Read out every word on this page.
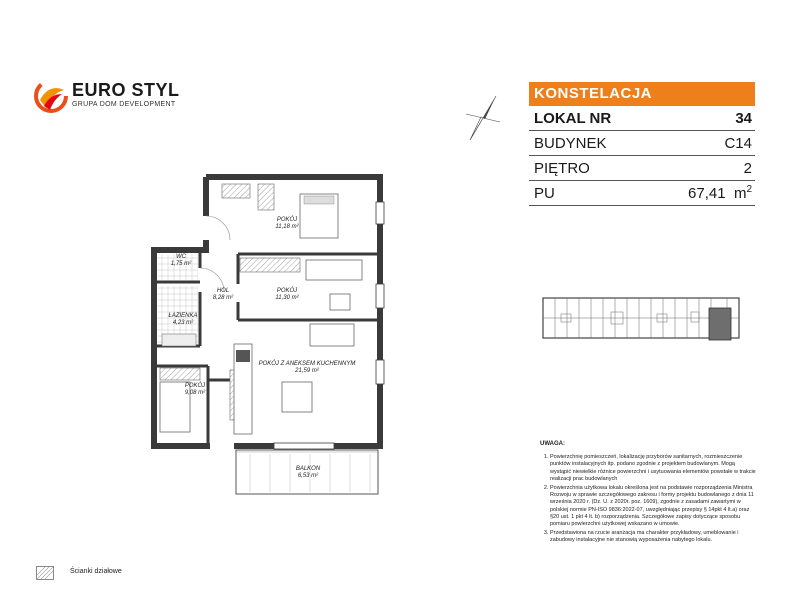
EURO STYL
GRUPA DOM DEVELOPMENT
POKÓJ
11,18 m²
POKÓJ
11,30 m²
WC
1,75 m²
HOL
8,28 m²
ŁAZIENKA
4,23 m²
POKÓJ Z ANEKSEM KUCHENNYM
21,59 m²
POKÓJ
9,08 m²
BALKON
6,53 m²
KONSTELACJA
LOKAL NR	34
BUDYNEK	C14
PIĘTRO	2
PU	67,41 $m^2$
UWAGA:
1. Powierzchnię pomieszczeń, lokalizację przyborów sanitarnych, rozmieszczenie punktów instalacyjnych itp. podano zgodnie z projektem budowlanym. Mogą wystąpić niewielkie różnice powierzchni i usytuowania elementów powstałe w trakcie realizacji prac budowlanych
2. Powierzchnia użytkowa lokalu określona jest na podstawie rozporządzenia Ministra Rozwoju w sprawie szczegółowego zakresu i formy projektu budowlanego z dnia 11 września 2020 r. (Dz. U. z 2020r. poz. 1609), zgodnie z zasadami zawartymi w polskiej normie PN-ISO 9836:2022-07, uwzględniając przepisy § 14pkt 4 lt.a) oraz §20 ust. 1 pkt 4 lt. b) rozporządzenia. Szczegółowe zapisy dotyczące sposobu pomiaru powierzchni użytkowej wskazano w umowie.
3. Przedstawiona na rzucie aranżacja ma charakter przykładowy, umeblowanie i zabudowy instalacyjne nie stanowią wyposażenia nabytego lokalu.
Ścianki działowe
